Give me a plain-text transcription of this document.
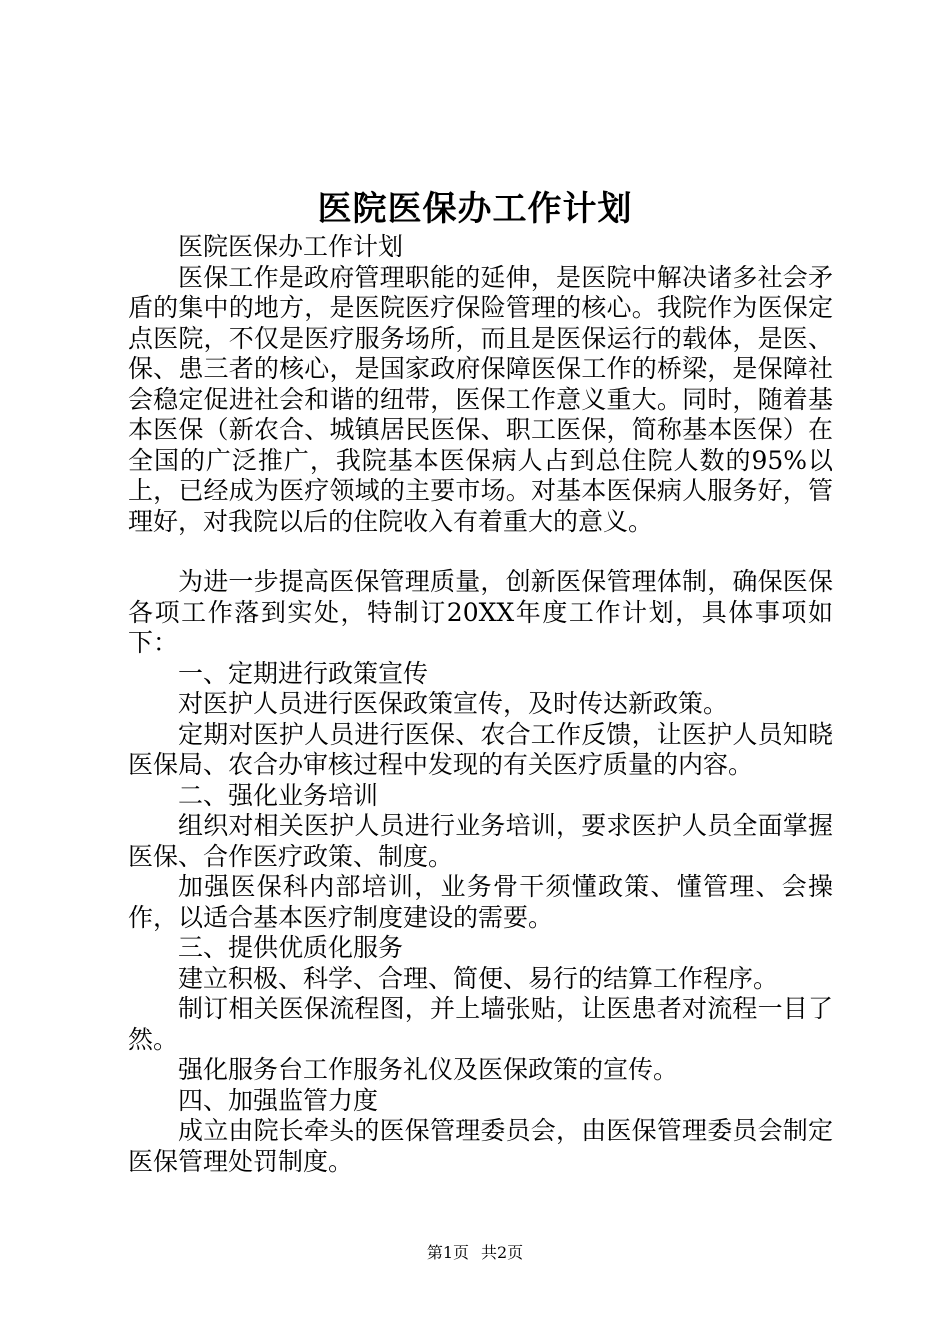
医院医保办工作计划

医院医保办工作计划

医保工作是政府管理职能的延伸，是医院中解决诸多社会矛盾的集中的地方，是医院医疗保险管理的核心。我院作为医保定点医院，不仅是医疗服务场所，而且是医保运行的载体，是医、保、患三者的核心，是国家政府保障医保工作的桥梁，是保障社会稳定促进社会和谐的纽带，医保工作意义重大。同时，随着基本医保（新农合、城镇居民医保、职工医保，简称基本医保）在全国的广泛推广，我院基本医保病人占到总住院人数的95%以上，已经成为医疗领域的主要市场。对基本医保病人服务好，管理好，对我院以后的住院收入有着重大的意义。

为进一步提高医保管理质量，创新医保管理体制，确保医保各项工作落到实处，特制订20XX年度工作计划，具体事项如下：

一、定期进行政策宣传

对医护人员进行医保政策宣传，及时传达新政策。

定期对医护人员进行医保、农合工作反馈，让医护人员知晓医保局、农合办审核过程中发现的有关医疗质量的内容。

二、强化业务培训

组织对相关医护人员进行业务培训，要求医护人员全面掌握医保、合作医疗政策、制度。

加强医保科内部培训，业务骨干须懂政策、懂管理、会操作，以适合基本医疗制度建设的需要。

三、提供优质化服务

建立积极、科学、合理、简便、易行的结算工作程序。

制订相关医保流程图，并上墙张贴，让医患者对流程一目了然。

强化服务台工作服务礼仪及医保政策的宣传。

四、加强监管力度

成立由院长牵头的医保管理委员会，由医保管理委员会制定医保管理处罚制度。

第1页 共2页
